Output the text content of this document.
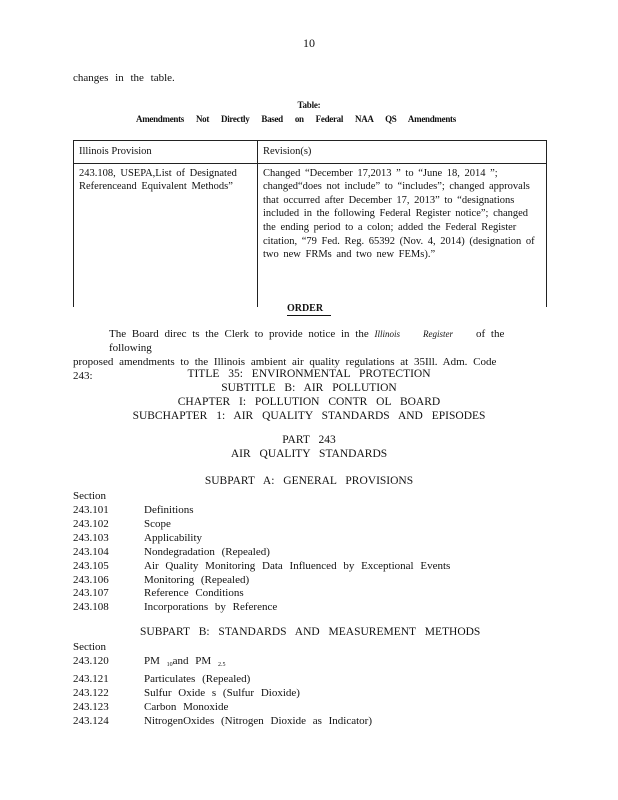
10
changes in the table.
Table:
Amendments Not Directly Based on Federal NAA QS Amendments
Illinois Provision	Revision(s)

243.108, USEPA,List of Designated Referenceand Equivalent Methods”	Changed “December 17,2013 ” to “June 18, 2014 ”; changed“does not include” to “includes”; changed approvals that occurred after December 17, 2013” to “designations included in the following Federal Register notice”; changed the ending period to a colon; added the Federal Register citation, “79 Fed. Reg. 65392 (Nov. 4, 2014) (designation of two new FRMs and two new FEMs).”
ORDER
The Board direc ts the Clerk to provide notice in the Illinois	Register of the following
proposed amendments to the Illinois ambient air quality regulations at 35Ill. Adm. Code 243:	TITLE 35: ENVIRONMENTAL PROTECTION
SUBTITLE B: AIR POLLUTION
CHAPTER I: POLLUTION CONTR OL BOARD
SUBCHAPTER 1: AIR QUALITY STANDARDS AND EPISODES
PART 243
AIR QUALITY STANDARDS
SUBPART A: GENERAL PROVISIONS
Section
243.101	Definitions
243.102	Scope
243.103	Applicability
243.104	Nondegradation (Repealed)
243.105	Air Quality Monitoring Data Influenced by Exceptional Events
243.106	Monitoring (Repealed)
243.107	Reference Conditions
243.108	Incorporations by Reference
SUBPART B: STANDARDS AND MEASUREMENT METHODS
Section
243.120	PM $_{10}$and PM $_{2.5}$
243.121	Particulates (Repealed)
243.122	Sulfur Oxide s (Sulfur Dioxide)
243.123	Carbon Monoxide
243.124	NitrogenOxides (Nitrogen Dioxide as Indicator)
